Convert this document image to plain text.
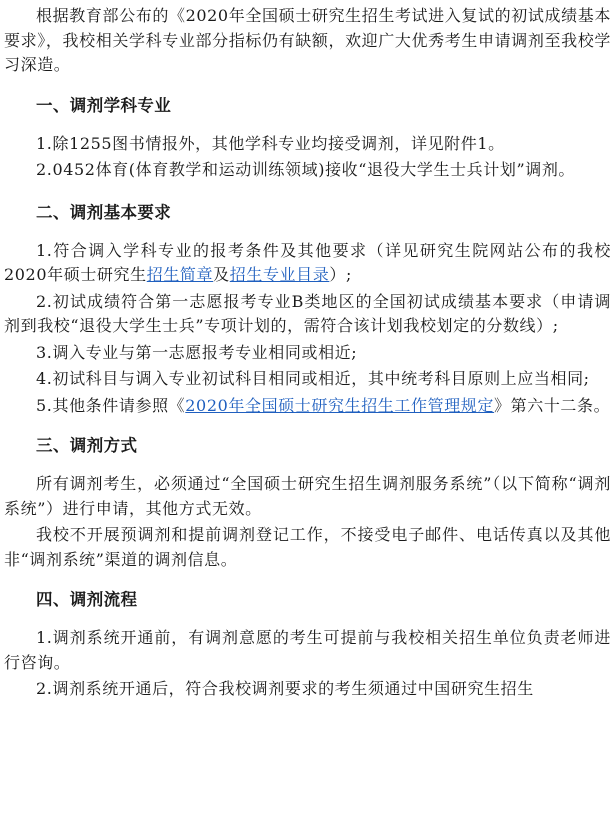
根据教育部公布的《2020年全国硕士研究生招生考试进入复试的初试成绩基本要求》，我校相关学科专业部分指标仍有缺额，欢迎广大优秀考生申请调剂至我校学习深造。

一、调剂学科专业

1.除1255图书情报外，其他学科专业均接受调剂，详见附件1。

2.0452体育(体育教学和运动训练领域)接收“退役大学生士兵计划”调剂。

二、调剂基本要求

1.符合调入学科专业的报考条件及其他要求（详见研究生院网站公布的我校2020年硕士研究生招生简章及招生专业目录）;

2.初试成绩符合第一志愿报考专业B类地区的全国初试成绩基本要求（申请调剂到我校“退役大学生士兵”专项计划的，需符合该计划我校划定的分数线）;

3.调入专业与第一志愿报考专业相同或相近;

4.初试科目与调入专业初试科目相同或相近，其中统考科目原则上应当相同;

5.其他条件请参照《2020年全国硕士研究生招生工作管理规定》第六十二条。

三、调剂方式

所有调剂考生，必须通过“全国硕士研究生招生调剂服务系统”（以下简称“调剂系统”）进行申请，其他方式无效。

我校不开展预调剂和提前调剂登记工作，不接受电子邮件、电话传真以及其他非“调剂系统”渠道的调剂信息。

四、调剂流程

1.调剂系统开通前，有调剂意愿的考生可提前与我校相关招生单位负责老师进行咨询。

2.调剂系统开通后，符合我校调剂要求的考生须通过中国研究生招生
